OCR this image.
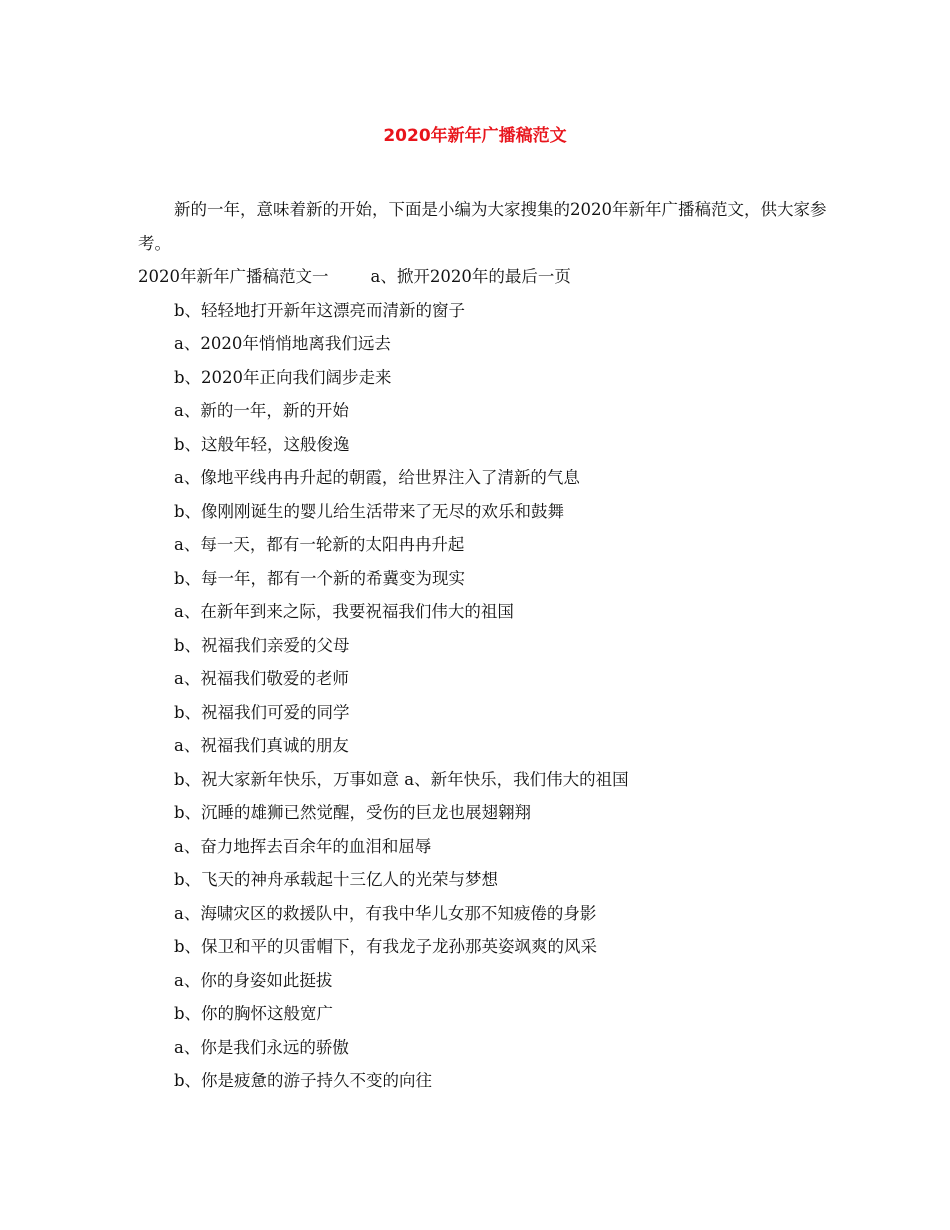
2020年新年广播稿范文

新的一年，意味着新的开始，下面是小编为大家搜集的2020年新年广播稿范文，供大家参考。

2020年新年广播稿范文一	a、掀开2020年的最后一页

b、轻轻地打开新年这漂亮而清新的窗子

a、2020年悄悄地离我们远去

b、2020年正向我们阔步走来

a、新的一年，新的开始

b、这般年轻，这般俊逸

a、像地平线冉冉升起的朝霞，给世界注入了清新的气息

b、像刚刚诞生的婴儿给生活带来了无尽的欢乐和鼓舞

a、每一天，都有一轮新的太阳冉冉升起

b、每一年，都有一个新的希冀变为现实

a、在新年到来之际，我要祝福我们伟大的祖国

b、祝福我们亲爱的父母

a、祝福我们敬爱的老师

b、祝福我们可爱的同学

a、祝福我们真诚的朋友

b、祝大家新年快乐，万事如意 a、新年快乐，我们伟大的祖国

b、沉睡的雄狮已然觉醒，受伤的巨龙也展翅翱翔

a、奋力地挥去百余年的血泪和屈辱

b、飞天的神舟承载起十三亿人的光荣与梦想

a、海啸灾区的救援队中，有我中华儿女那不知疲倦的身影

b、保卫和平的贝雷帽下，有我龙子龙孙那英姿飒爽的风采

a、你的身姿如此挺拔

b、你的胸怀这般宽广

a、你是我们永远的骄傲

b、你是疲惫的游子持久不变的向往
